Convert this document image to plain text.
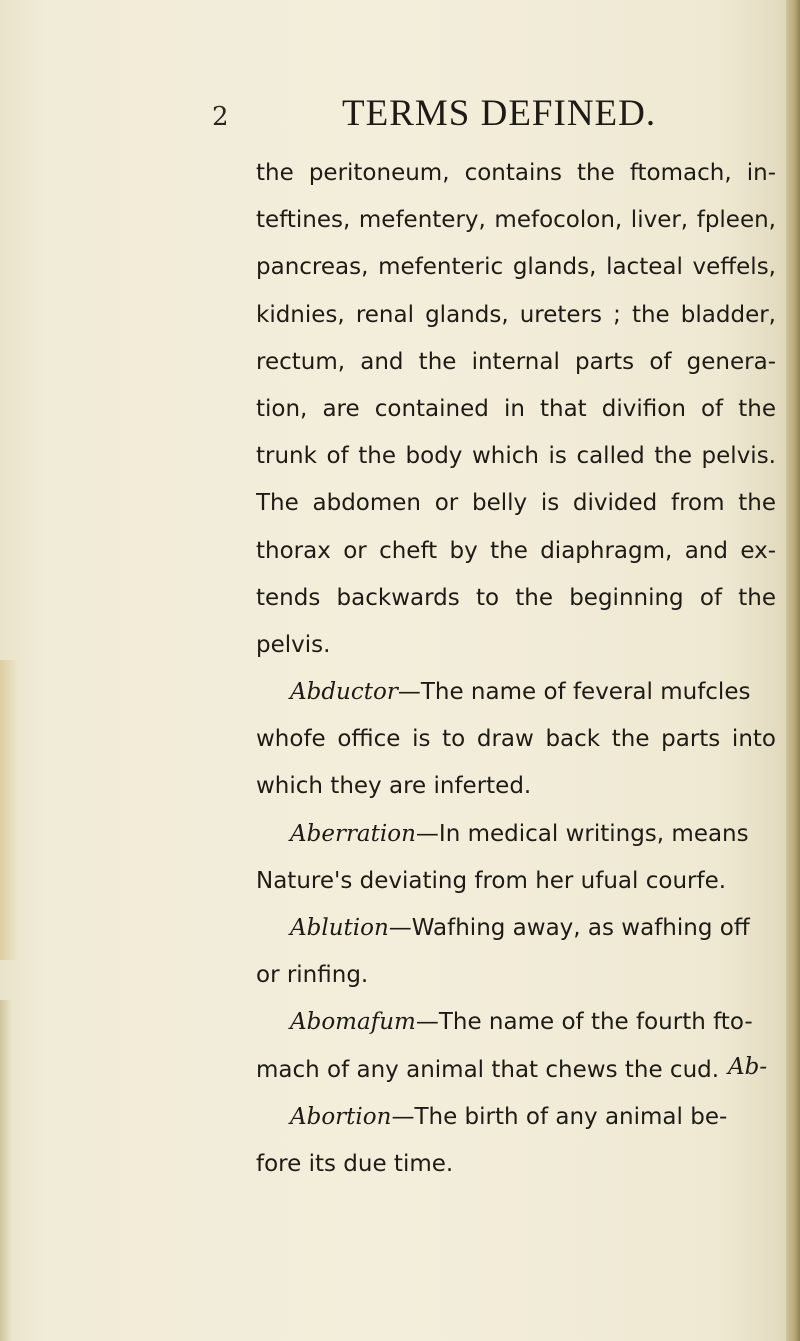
2	TERMS DEFINED.
the peritoneum, contains the ftomach, in-
teftines, mefentery, mefocolon, liver, fpleen,
pancreas, mefenteric glands, lacteal veffels,
kidnies, renal glands, ureters ; the bladder,
rectum, and the internal parts of genera-
tion, are contained in that divifion of the
trunk of the body which is called the pelvis.
The abdomen or belly is divided from the
thorax or cheft by the diaphragm, and ex-
tends backwards to the beginning of the
pelvis.
Abductor—The name of feveral mufcles
whofe office is to draw back the parts into
which they are inferted.
Aberration—In medical writings, means
Nature's deviating from her ufual courfe.
Ablution—Wafhing away, as wafhing off
or rinfing.
Abomafum—The name of the fourth fto-
mach of any animal that chews the cud.
Abortion—The birth of any animal be-
fore its due time.
Ab-
